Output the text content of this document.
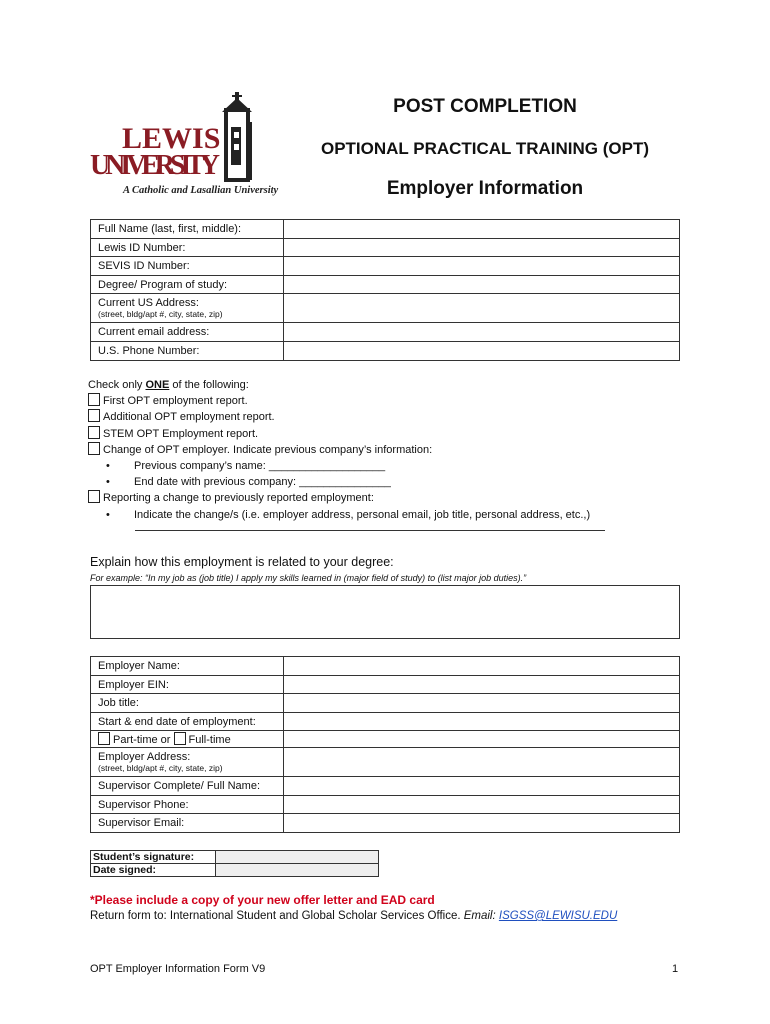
LEWIS
UNIVERSITY
A Catholic and Lasallian University
POST COMPLETION
OPTIONAL PRACTICAL TRAINING (OPT)
Employer Information
Full Name (last, first, middle):	
Lewis ID Number:	
SEVIS ID Number:	
Degree/ Program of study:	
Current US Address:
(street, bldg/apt #, city, state, zip)	

Current email address:	
U.S. Phone Number:	
Check only ONE of the following:
First OPT employment report.
Additional OPT employment report.
STEM OPT Employment report.
Change of OPT employer. Indicate previous company’s information:
• Previous company’s name: ___________________
• End date with previous company: _______________
Reporting a change to previously reported employment:
• Indicate the change/s (i.e. employer address, personal email, job title, personal address, etc.,)
Explain how this employment is related to your degree:
For example: “In my job as (job title) I apply my skills learned in (major field of study) to (list major job duties).”
Employer Name:	
Employer EIN:	
Job title:	
Start & end date of employment:	
Part-time or Full-time	
Employer Address:
(street, bldg/apt #, city, state, zip)	

Supervisor Complete/ Full Name:	
Supervisor Phone:	
Supervisor Email:	
Student’s signature:	
Date signed:	
*Please include a copy of your new offer letter and EAD card
Return form to: International Student and Global Scholar Services Office. Email: ISGSS@LEWISU.EDU
OPT Employer Information Form V9	1
